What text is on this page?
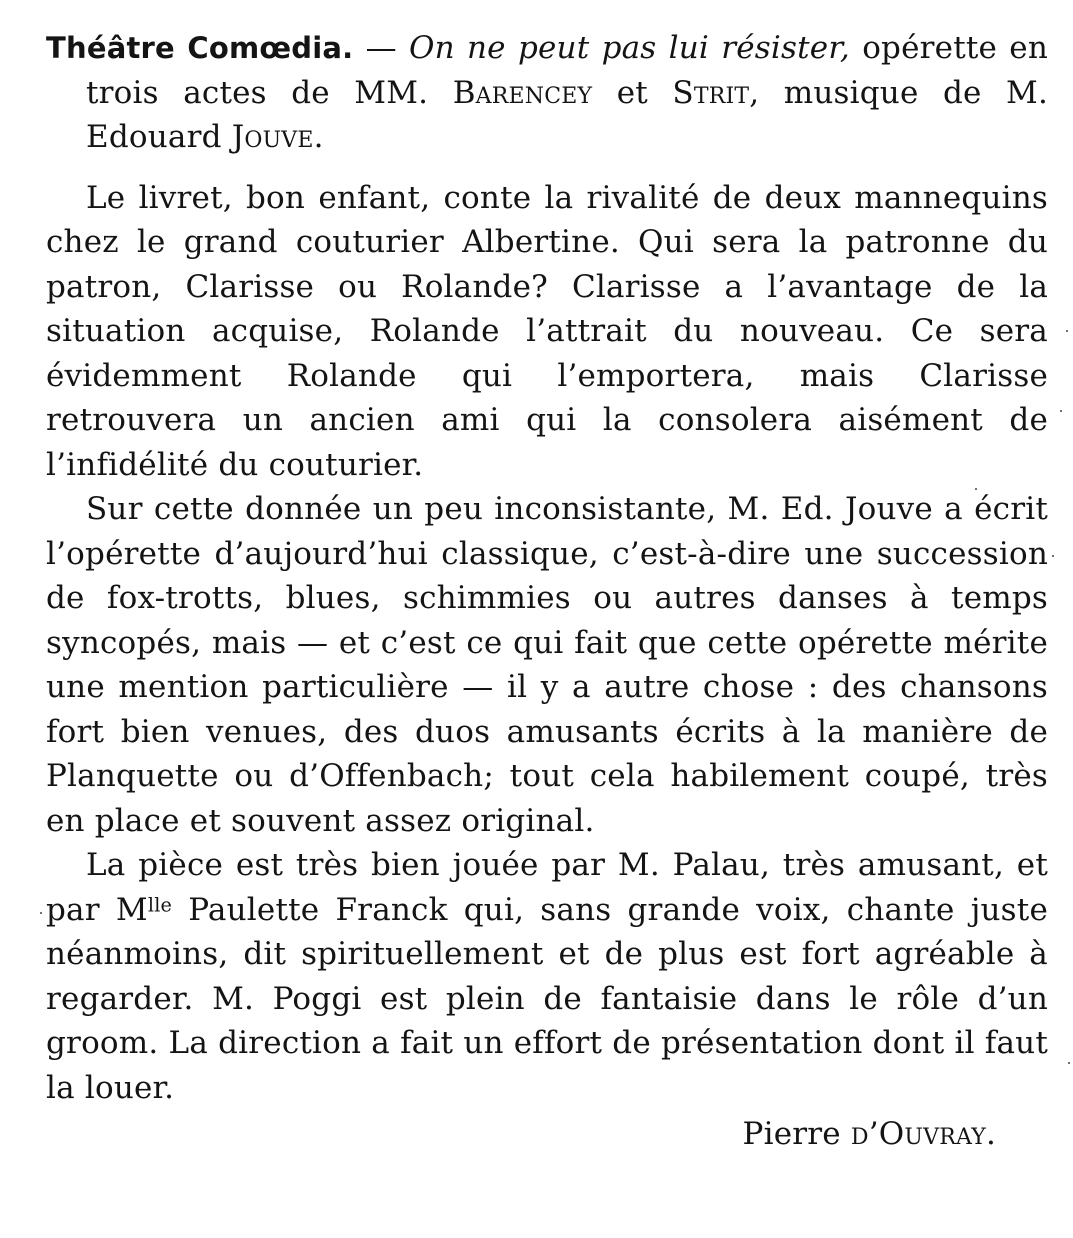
Théâtre Comœdia. — On ne peut pas lui résister, opérette en trois actes de MM. Barencey et Strit, musique de M. Edouard Jouve.

Le livret, bon enfant, conte la rivalité de deux mannequins chez le grand couturier Albertine. Qui sera la patronne du patron, Clarisse ou Rolande? Clarisse a l’avantage de la situation acquise, Rolande l’attrait du nouveau. Ce sera évidemment Rolande qui l’emportera, mais Clarisse retrouvera un ancien ami qui la consolera aisément de l’infidélité du couturier.

Sur cette donnée un peu inconsistante, M. Ed. Jouve a écrit l’opérette d’aujourd’hui classique, c’est-à-dire une succession de fox-trotts, blues, schimmies ou autres danses à temps syncopés, mais — et c’est ce qui fait que cette opérette mérite une mention particulière — il y a autre chose : des chansons fort bien venues, des duos amusants écrits à la manière de Planquette ou d’Offenbach; tout cela habilement coupé, très en place et souvent assez original.

La pièce est très bien jouée par M. Palau, très amusant, et par $M^{lle}$ Paulette Franck qui, sans grande voix, chante juste néanmoins, dit spirituellement et de plus est fort agréable à regarder. M. Poggi est plein de fantaisie dans le rôle d’un groom. La direction a fait un effort de présentation dont il faut la louer.

Pierre d’Ouvray.
